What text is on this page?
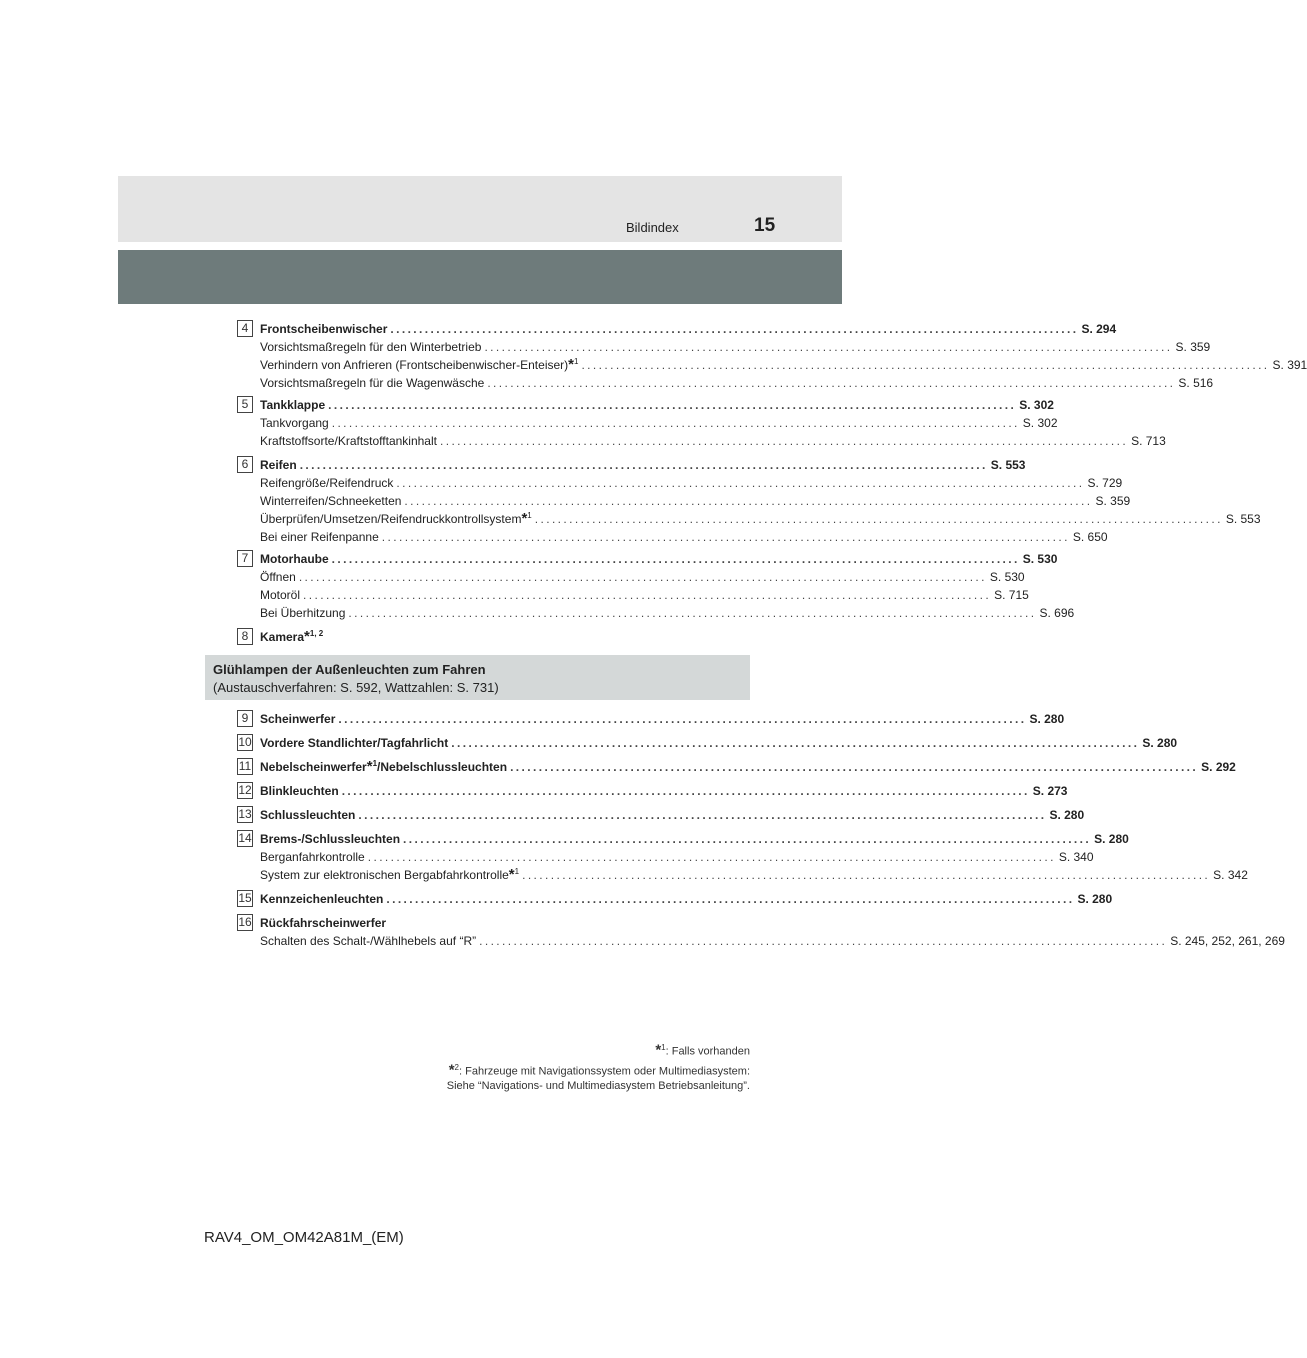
Bildindex	15
4 Frontscheibenwischer ........................................................................................................................ S. 294
Vorsichtsmaßregeln für den Winterbetrieb ........................................................................................................................ S. 359
Verhindern von Anfrieren (Frontscheibenwischer-Enteiser)*$^1$ ........................................................................................................................ S. 391
Vorsichtsmaßregeln für die Wagenwäsche ........................................................................................................................ S. 516
5 Tankklappe ........................................................................................................................ S. 302
Tankvorgang ........................................................................................................................ S. 302
Kraftstoffsorte/Kraftstofftankinhalt ........................................................................................................................ S. 713
6 Reifen ........................................................................................................................ S. 553
Reifengröße/Reifendruck ........................................................................................................................ S. 729
Winterreifen/Schneeketten ........................................................................................................................ S. 359
Überprüfen/Umsetzen/Reifendruckkontrollsystem*$^1$ ........................................................................................................................ S. 553
Bei einer Reifenpanne ........................................................................................................................ S. 650
7 Motorhaube ........................................................................................................................ S. 530
Öffnen ........................................................................................................................ S. 530
Motoröl ........................................................................................................................ S. 715
Bei Überhitzung ........................................................................................................................ S. 696
8 Kamera*$^{1, 2}$
9 Scheinwerfer ........................................................................................................................ S. 280
10 Vordere Standlichter/Tagfahrlicht ........................................................................................................................ S. 280
11 Nebelscheinwerfer*$^1$/Nebelschlussleuchten ........................................................................................................................ S. 292
12 Blinkleuchten ........................................................................................................................ S. 273
13 Schlussleuchten ........................................................................................................................ S. 280
14 Brems-/Schlussleuchten ........................................................................................................................ S. 280
Berganfahrkontrolle ........................................................................................................................ S. 340
System zur elektronischen Bergabfahrkontrolle*$^1$ ........................................................................................................................ S. 342
15 Kennzeichenleuchten ........................................................................................................................ S. 280
16 Rückfahrscheinwerfer
Schalten des Schalt-/Wählhebels auf “R” ........................................................................................................................ S. 245, 252, 261, 269
Glühlampen der Außenleuchten zum Fahren
(Austauschverfahren: S. 592, Wattzahlen: S. 731)
*$^1$: Falls vorhanden
*$^2$: Fahrzeuge mit Navigationssystem oder Multimediasystem:
Siehe “Navigations- und Multimediasystem Betriebsanleitung”.
RAV4_OM_OM42A81M_(EM)
